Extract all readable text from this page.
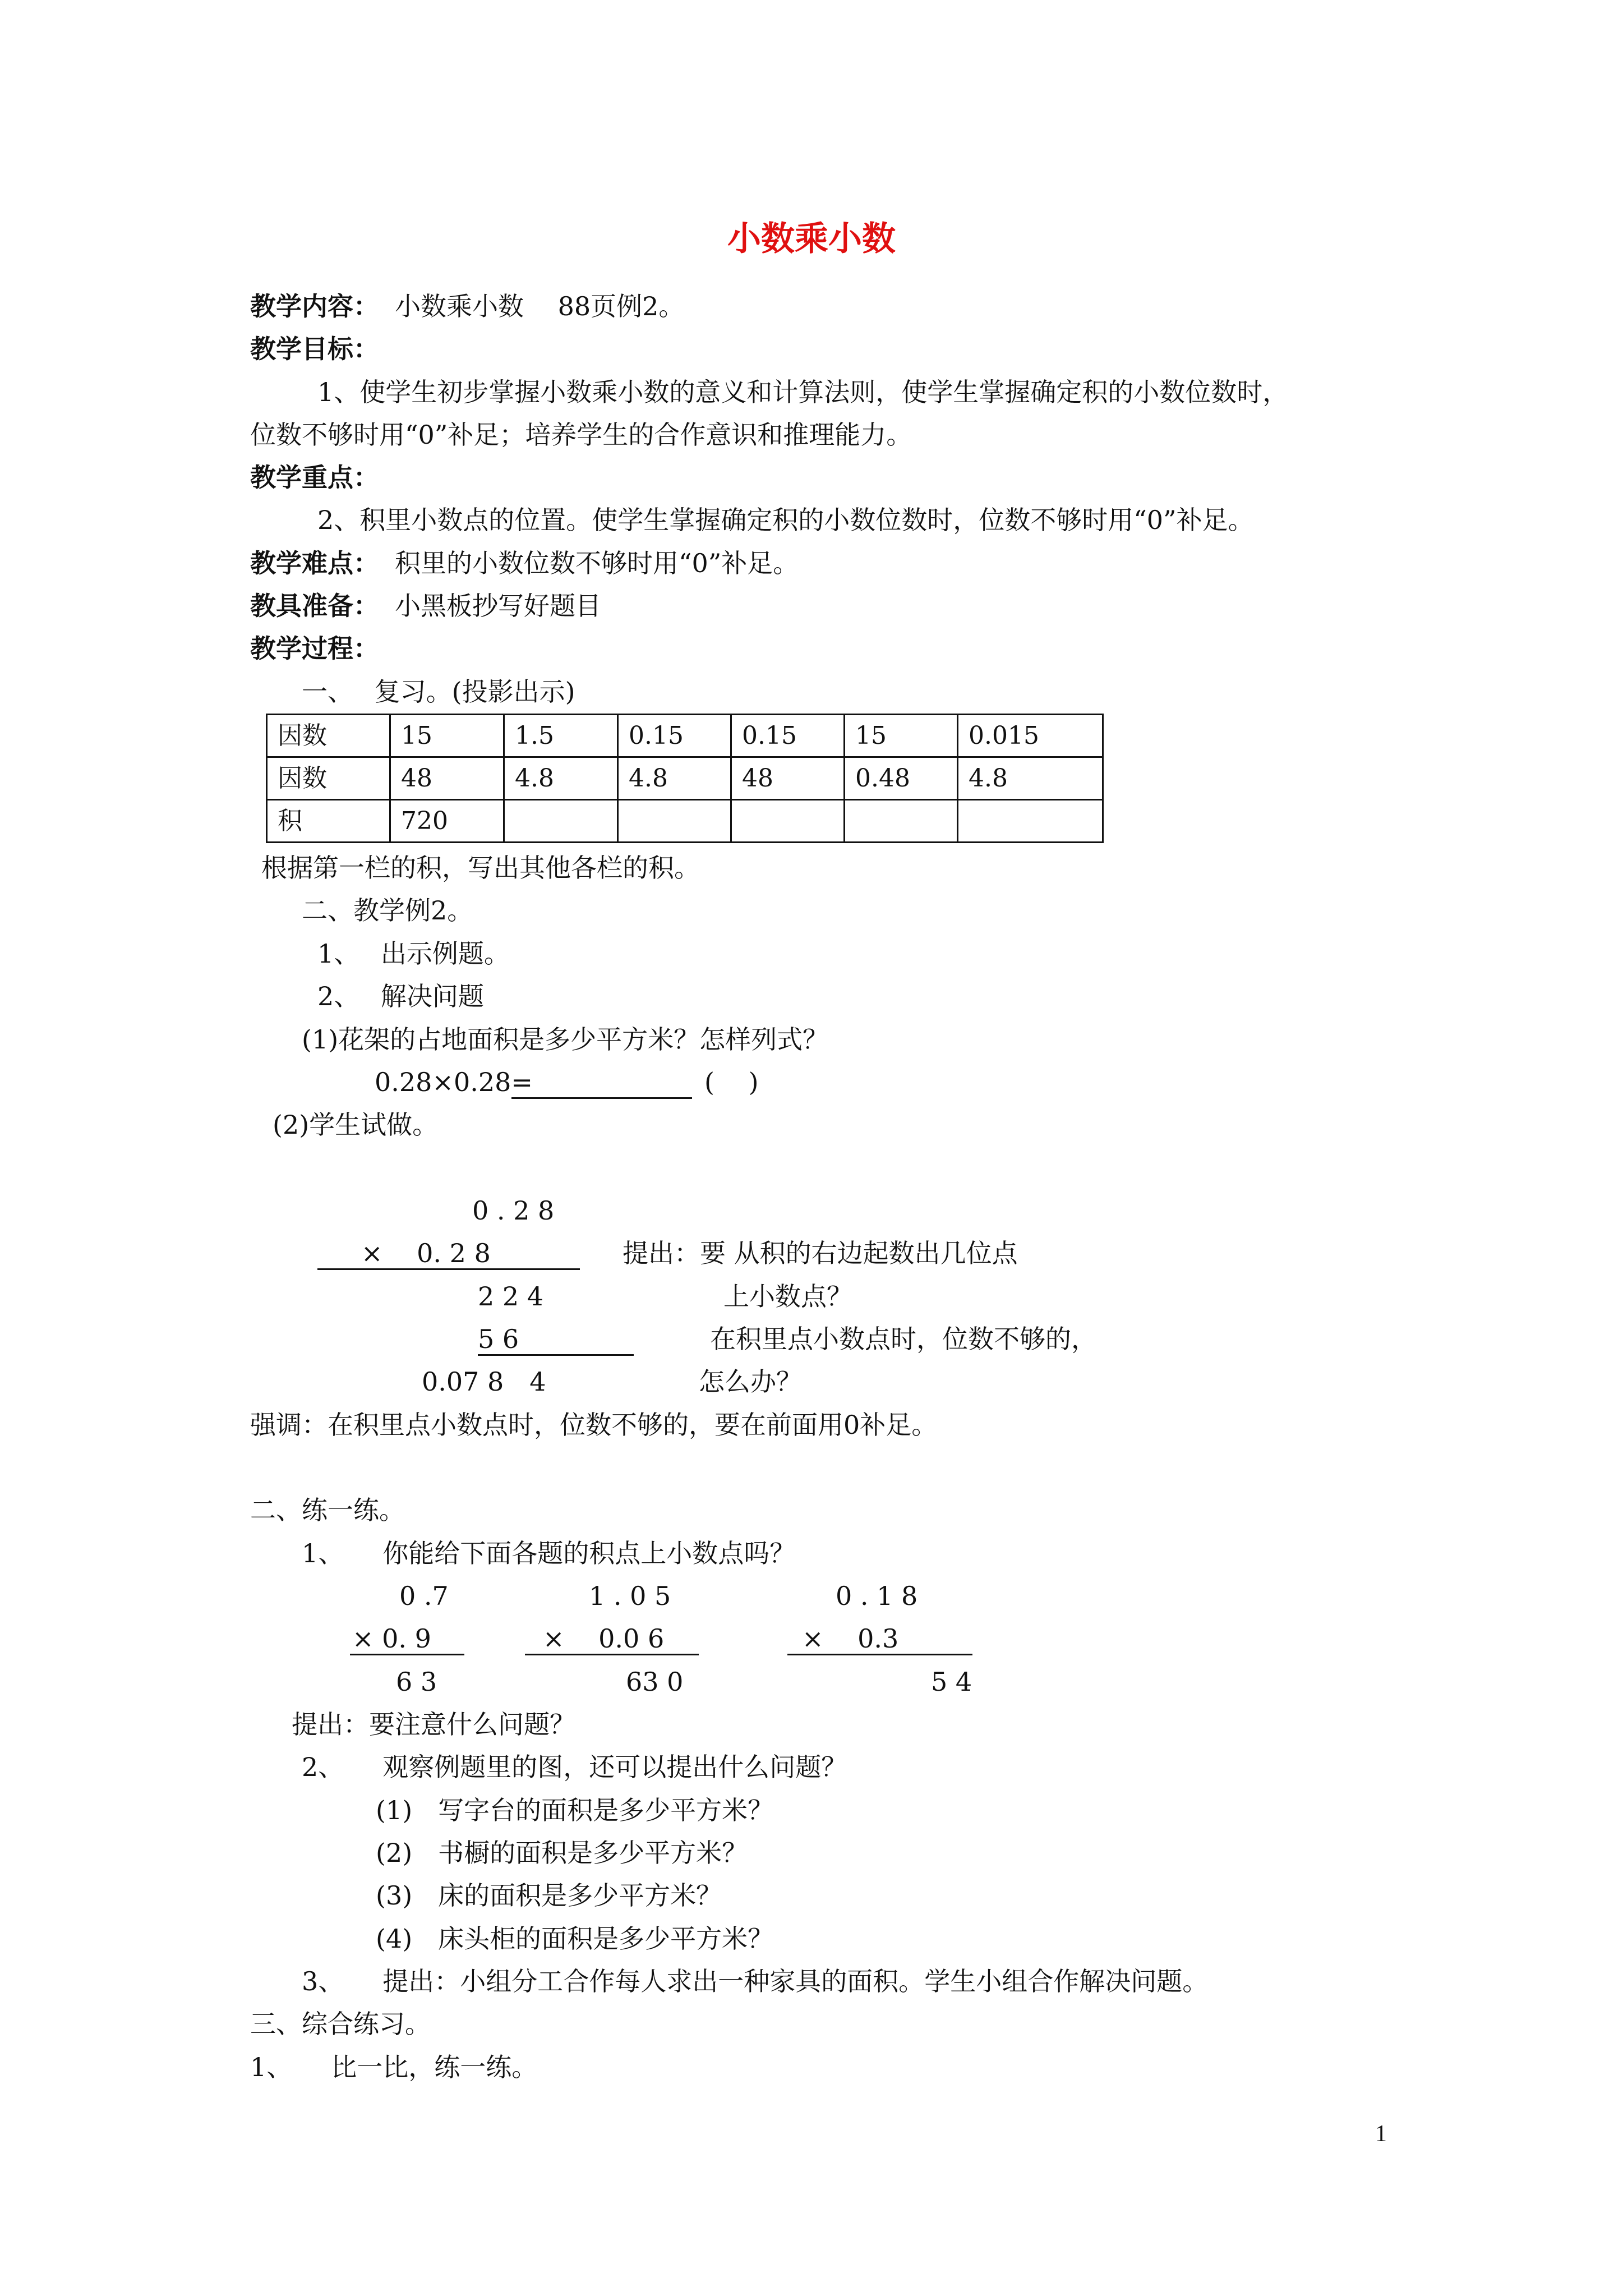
小数乘小数
教学内容： 小数乘小数　 88页例2。
教学目标：
1、使学生初步掌握小数乘小数的意义和计算法则，使学生掌握确定积的小数位数时，
位数不够时用“0”补足；培养学生的合作意识和推理能力。
教学重点：
2、积里小数点的位置。使学生掌握确定积的小数位数时，位数不够时用“0”补足。
教学难点： 积里的小数位数不够时用“0”补足。
教具准备： 小黑板抄写好题目
教学过程：
一、　 复习。(投影出示)
因数	15	1.5	0.15	0.15	15	0.015
因数	48	4.8	4.8	48	0.48	4.8
积	720					
根据第一栏的积，写出其他各栏的积。
二、教学例2。
1、　 出示例题。
2、　 解决问题
(1)花架的占地面积是多少平方米？怎样列式？
0.28×0.28=	(　 )
(2)学生试做。
0 . 2 8
×　 0. 2 8
2 2 4
5 6
0.07 8　4
提出：要 从积的右边起数出几位点
上小数点？
在积里点小数点时，位数不够的，
怎么办？
强调：在积里点小数点时，位数不够的，要在前面用0补足。
二、练一练。
1、　　你能给下面各题的积点上小数点吗？
0 .7
× 0. 9
6 3
1 . 0 5
×　 0.0 6
63 0
0 . 1 8
×　 0.3
5 4
提出：要注意什么问题？
2、　　观察例题里的图，还可以提出什么问题？
(1)　写字台的面积是多少平方米？
(2)　书橱的面积是多少平方米？
(3)　床的面积是多少平方米？
(4)　床头柜的面积是多少平方米？
3、　　提出：小组分工合作每人求出一种家具的面积。学生小组合作解决问题。
三、综合练习。
1、　　比一比，练一练。
1
